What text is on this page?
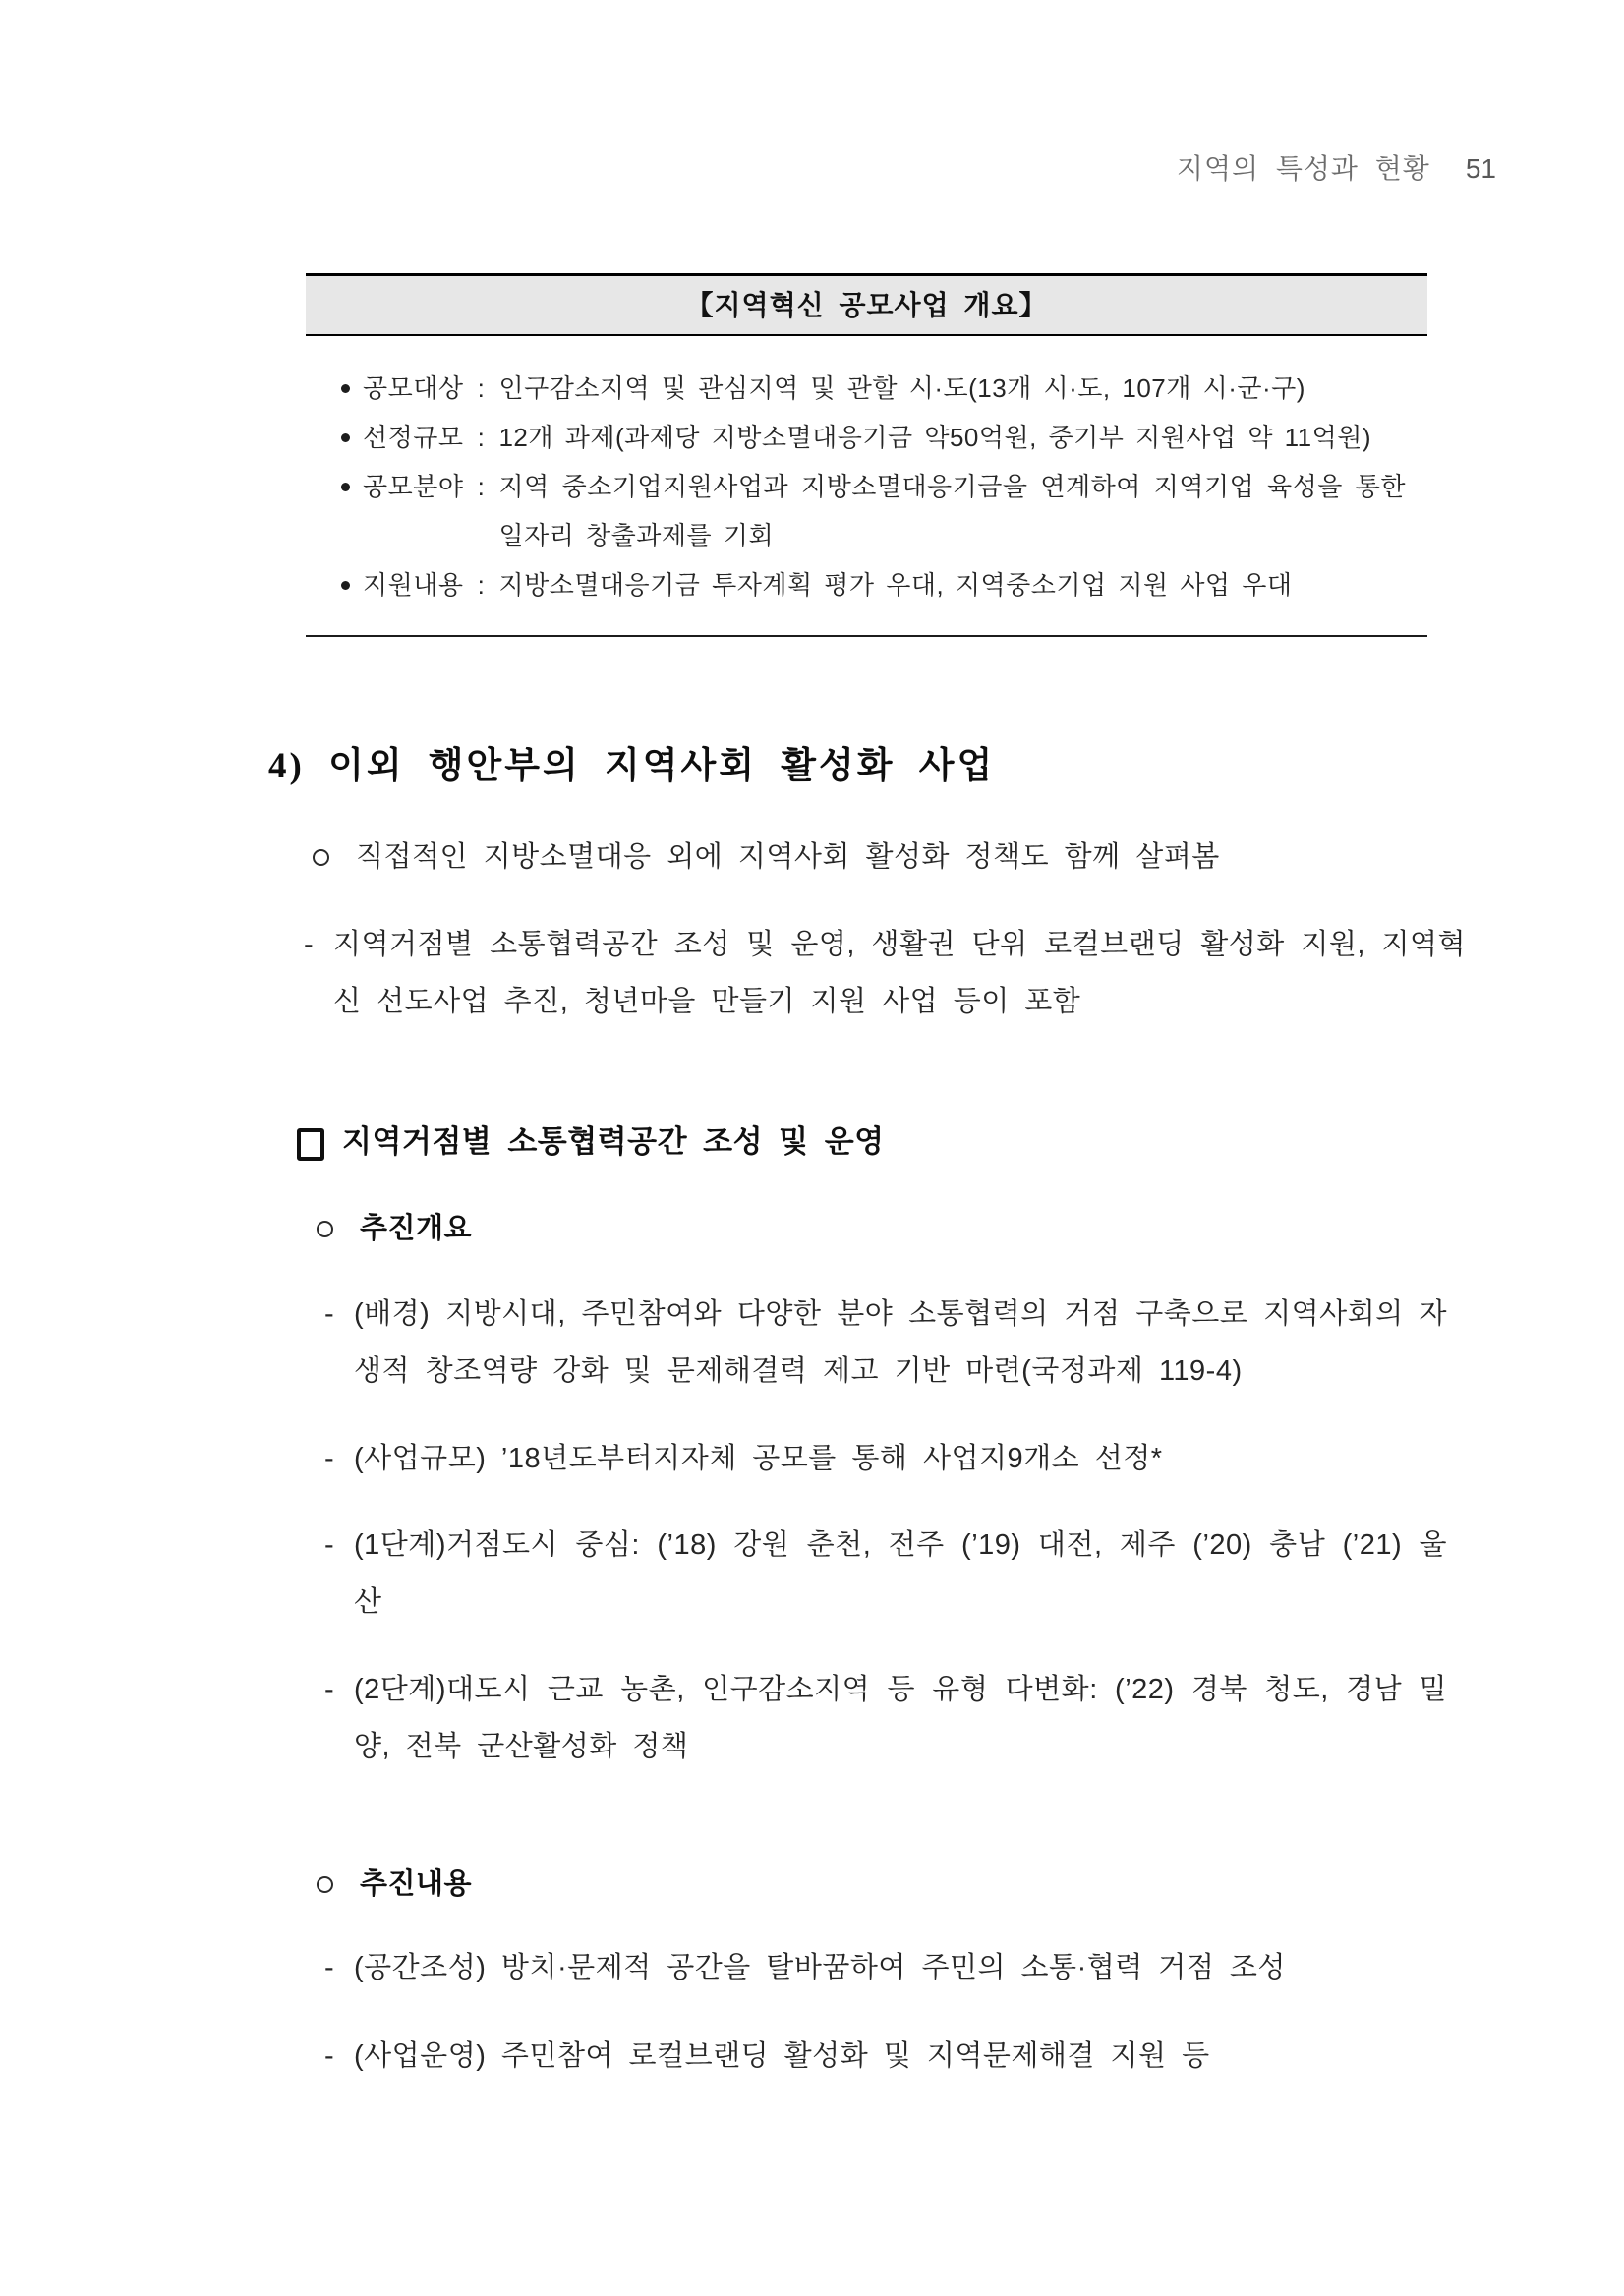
지역의 특성과 현황 51
【지역혁신 공모사업 개요】
공모대상 : 인구감소지역 및 관심지역 및 관할 시·도(13개 시·도, 107개 시·군·구)
선정규모 : 12개 과제(과제당 지방소멸대응기금 약50억원, 중기부 지원사업 약 11억원)
공모분야 : 지역 중소기업지원사업과 지방소멸대응기금을 연계하여 지역기업 육성을 통한 일자리 창출과제를 기회
지원내용 : 지방소멸대응기금 투자계획 평가 우대, 지역중소기업 지원 사업 우대
4) 이외 행안부의 지역사회 활성화 사업
직접적인 지방소멸대응 외에 지역사회 활성화 정책도 함께 살펴봄
- 지역거점별 소통협력공간 조성 및 운영, 생활권 단위 로컬브랜딩 활성화 지원, 지역혁신 선도사업 추진, 청년마을 만들기 지원 사업 등이 포함
지역거점별 소통협력공간 조성 및 운영
추진개요
- (배경) 지방시대, 주민참여와 다양한 분야 소통협력의 거점 구축으로 지역사회의 자생적 창조역량 강화 및 문제해결력 제고 기반 마련(국정과제 119-4)
- (사업규모) ’18년도부터지자체 공모를 통해 사업지9개소 선정*
- (1단계)거점도시 중심: (’18) 강원 춘천, 전주 (’19) 대전, 제주 (’20) 충남 (’21) 울산
- (2단계)대도시 근교 농촌, 인구감소지역 등 유형 다변화: (’22) 경북 청도, 경남 밀양, 전북 군산활성화 정책
추진내용
- (공간조성) 방치·문제적 공간을 탈바꿈하여 주민의 소통·협력 거점 조성
- (사업운영) 주민참여 로컬브랜딩 활성화 및 지역문제해결 지원 등
